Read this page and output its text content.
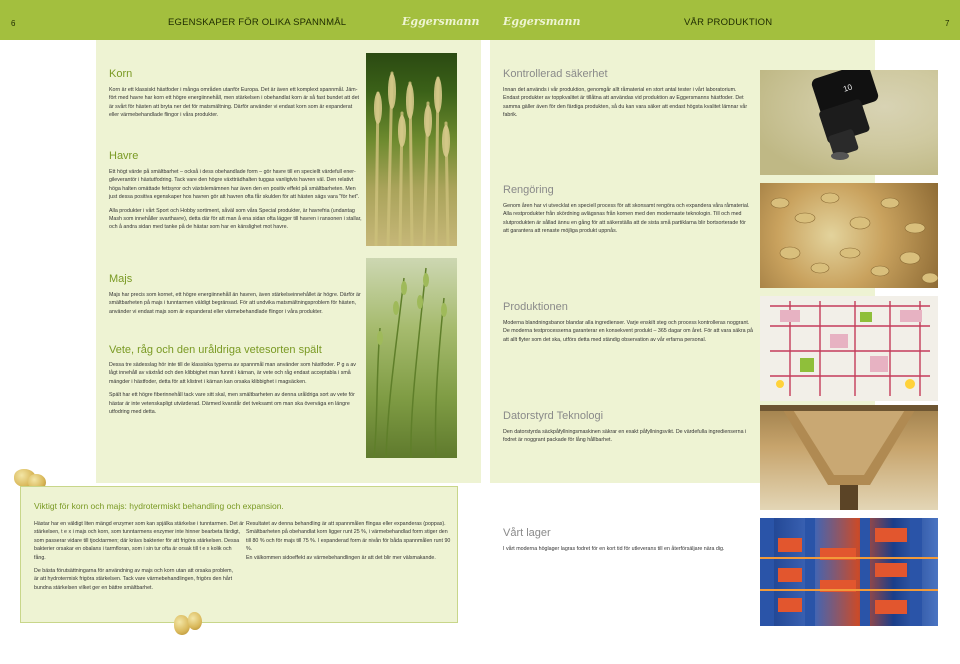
6	EGENSKAPER FÖR OLIKA SPANNMÅL	Eggersmann Eggersmann	VÅR PRODUKTION	7
Korn
Korn är ett klassiskt hästfoder i många områden utanför Europa. Det är även ett komplext spannmål. Jäm-
fört med havre har korn ett högre energiinnehåll, men stärkelsen i obehandlat korn är så fast bundet att det
är svårt för hästen att bryta ner det för matsmältning. Därför använder vi endast korn som är expanderat
eller värmebehandlade flingor i våra produkter.
Havre
Ett högt värde på smältbarhet – också i dess obehandlade form – gör havre till en speciellt värdefull ener-
gileverantör i hästutfodring. Tack vare den högre växtträdhalten tuggas vanligtvis havren väl. Den relativt
höga halten omättade fettsyror och växtslemämnen har även den en positiv effekt på smältbarheten. Men
just dessa positiva egenskaper hos havren gör att havren ofta får skulden för att hästen sägs vara "för het".
Alla produkter i vårt Sport och Hobby sortiment, såväl som våra Special produkter, är havrefria (undantag
Mash som innehåller svarthavre), detta där för att man å ena sidan ofta lägger till havren i ransonen i stallar,
och å andra sidan med tanke på de hästar som har en känslighet mot havre.
Majs
Majs har precis som kornet, ett högre energiinnehåll än havren, även stärkelseinnehållet är högre. Därför är
smältbarheten på majs i tunntarmen väldigt begränsad. För att undvika matsmältningsproblem för hästen,
använder vi endast majs som är expanderat eller värmebehandlade flingor i våra produkter.
Vete, råg och den uråldriga vetesorten spält
Dessa tre sädesslag hör inte till de klassiska typerna av spannmål man använder som hästfoder. P g a av
lågt innehåll av växtråd och den klibbighet man funnit i kärnan, är vete och råg endast acceptabla i små
mängder i hästfoder, detta för att klistret i kärnan kan orsaka klibbighet i magsäcken.
Spält har ett högre fiberinnehåll tack vare sitt skal, men smältbarheten av denna uråldriga sort av vete för
hästar är inte vetenskapligt utvärderad. Därmed kvarstår det tveksamt om man ska överväga en längre
utfodring med detta.
Kontrollerad säkerhet
Innan det används i vår produktion, genomgår allt råmaterial en stort antal tester i vårt laboratorium.
Endast produkter av toppkvalitet är tillåtna att användas vid produktion av Eggersmanns hästfoder. Det
samma gäller även för den färdiga produkten, så du kan vara säker att endast högsta kvalitet lämnar vår
fabrik.
Rengöring
Genom åren har vi utvecklat en speciell process för att skonsamt rengöra och expandera våra råmaterial.
Alla restprodukter från skördning avlägsnas från kornen med den modernaste teknologin. Till och med
slutprodukten är sållad ännu en gång för att säkerställa att de sista små partiklarna blir bortsorterade för
att garantera att renaste möjliga produkt uppnås.
Produktionen
Moderna blandningsbanor blandar alla ingredienser. Varje enskilt steg och process kontrolleras noggrant.
De moderna testprocesserna garanterar en konsekvent produkt – 365 dagar om året. För att vara säkra på
att allt flyter som det ska, utförs detta med ständig observation av vår erfarna personal.
Datorstyrd Teknologi
Den datorstyrda säckpåfyllningsmaskinen säkrar en exakt påfyllningsvikt. De värdefulla ingredienserna i
fodret är noggrant packade för lång hållbarhet.
Vårt lager
I vårt moderna höglager lagras fodret för en kort tid för utleverans till en återförsäljare nära dig.
10
Viktigt för korn och majs: hydrotermiskt behandling och expansion.
Hästar har en väldigt liten mängd enzymer som kan spjälka stärkelse i tunntarmen. Det är
stärkelsen, t e x i majs och korn, som tunntarmens enzymer inte hinner bearbeta färdigt,
som passerar vidare till tjocktarmen; där krävs bakterier för att frigöra stärkelsen. Dessa
bakterier orsakar en obalans i tarmfloran, som i sin tur ofta är orsak till t e x kolik och
fång.
De bästa förutsättningarna för användning av majs och korn utan att orsaka problem,
är att hydrotermisk frigöra stärkelsen. Tack vare värmebehandlingen, frigörs den hårt
bundna stärkelsen vilket ger en bättre smältbarhet.
Resultatet av denna behandling är att spannmålen flingas eller expanderas (poppas).
Smältbarheten på obehandlat korn ligger runt 25 %, i värmebehandlad form stiger den
till 80 % och för majs till 75 %. I expanderad form är nivån för båda spannmålen runt 90 %.
En välkommen sidoeffekt av värmebehandlingen är att det blir mer välsmakande.
